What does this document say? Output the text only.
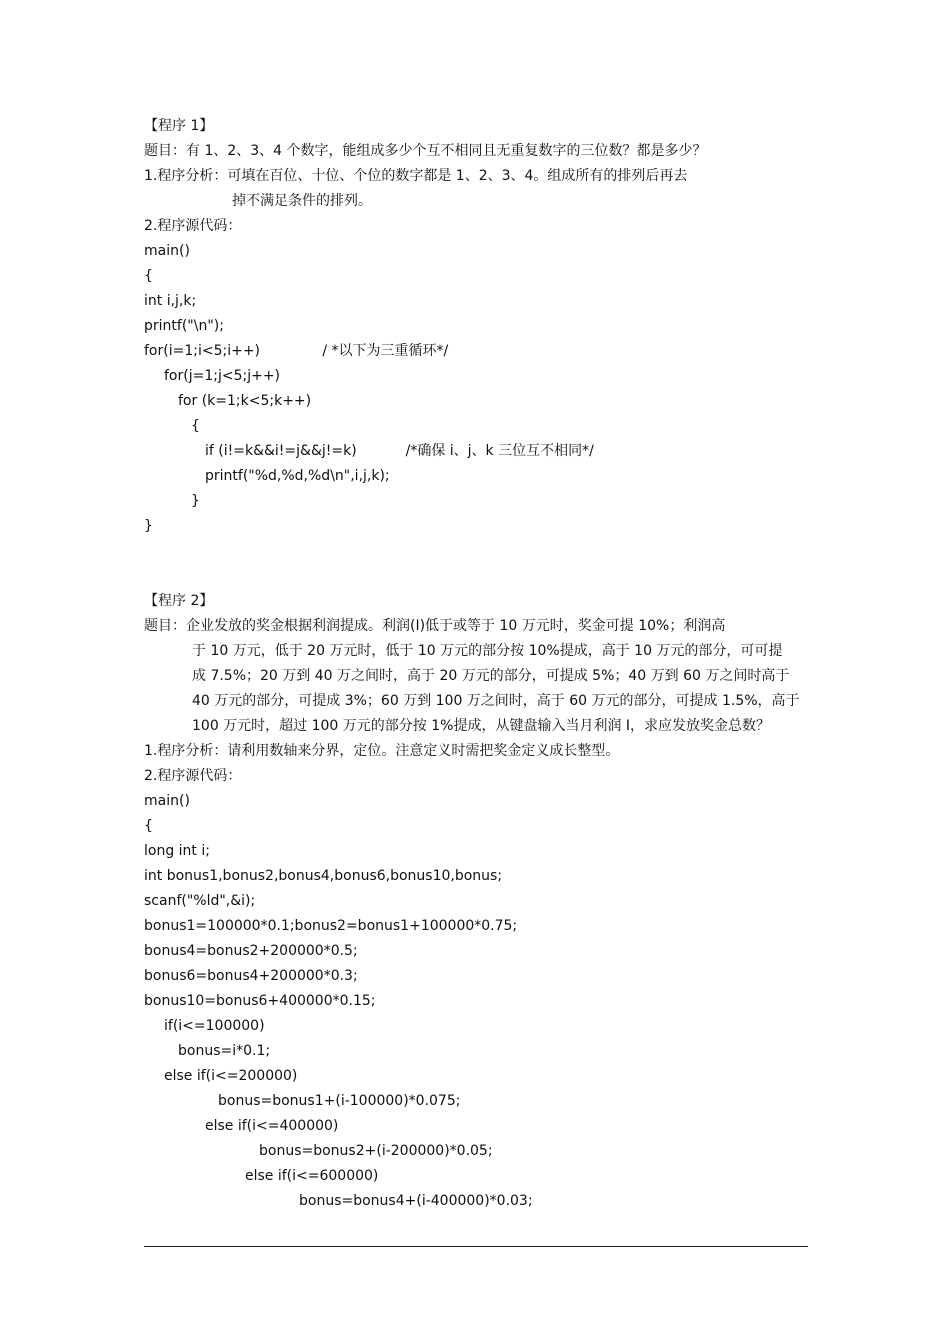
【程序 1】
题目：有 1、2、3、4 个数字，能组成多少个互不相同且无重复数字的三位数？都是多少？
1.程序分析：可填在百位、十位、个位的数字都是 1、2、3、4。组成所有的排列后再去
掉不满足条件的排列。
2.程序源代码：
main()
{
int i,j,k;
printf("\n");
for(i=1;i<5;i++)              / *以下为三重循环*/
for(j=1;j<5;j++)
for (k=1;k<5;k++)
{
if (i!=k&&i!=j&&j!=k)           /*确保 i、j、k 三位互不相同*/
printf("%d,%d,%d\n",i,j,k);
}
}
【程序 2】
题目：企业发放的奖金根据利润提成。利润(I)低于或等于 10 万元时，奖金可提 10%；利润高
于 10 万元，低于 20 万元时，低于 10 万元的部分按 10%提成，高于 10 万元的部分，可可提
成 7.5%；20 万到 40 万之间时，高于 20 万元的部分，可提成 5%；40 万到 60 万之间时高于
40 万元的部分，可提成 3%；60 万到 100 万之间时，高于 60 万元的部分，可提成 1.5%，高于
100 万元时，超过 100 万元的部分按 1%提成，从键盘输入当月利润 I，求应发放奖金总数？
1.程序分析：请利用数轴来分界，定位。注意定义时需把奖金定义成长整型。
2.程序源代码：
main()
{
long int i;
int bonus1,bonus2,bonus4,bonus6,bonus10,bonus;
scanf("%ld",&i);
bonus1=100000*0.1;bonus2=bonus1+100000*0.75;
bonus4=bonus2+200000*0.5;
bonus6=bonus4+200000*0.3;
bonus10=bonus6+400000*0.15;
if(i<=100000)
bonus=i*0.1;
else if(i<=200000)
bonus=bonus1+(i-100000)*0.075;
else if(i<=400000)
bonus=bonus2+(i-200000)*0.05;
else if(i<=600000)
bonus=bonus4+(i-400000)*0.03;
